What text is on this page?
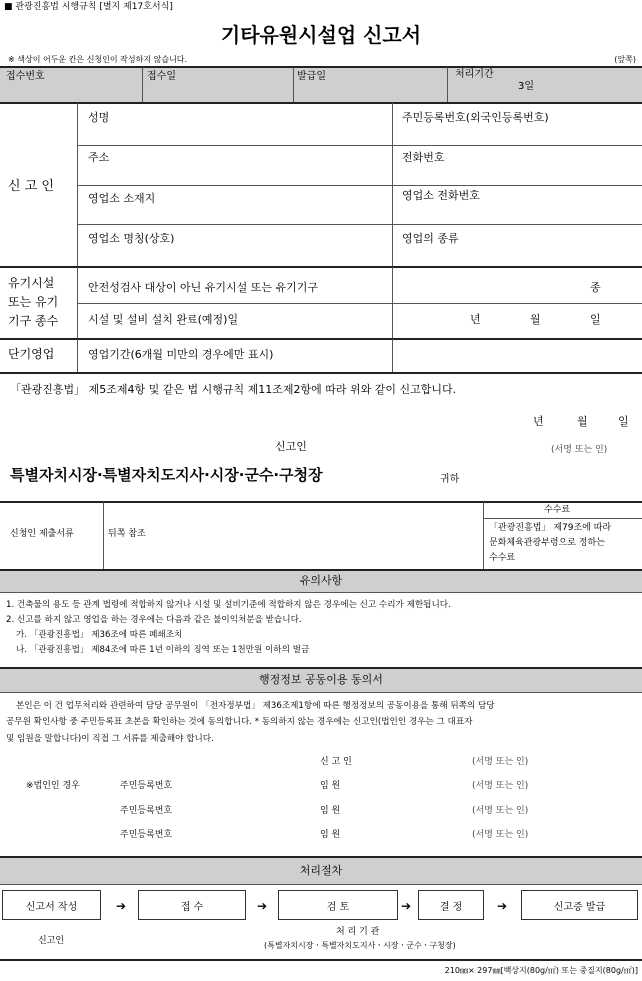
■ 관광진흥법 시행규칙 [별지 제17호서식]
기타유원시설업 신고서
※ 색상이 어두운 칸은 신청인이 작성하지 않습니다.	(앞쪽)
접수번호	접수일	발급일	처리기간
3일
신 고 인
성명	주민등록번호(외국인등록번호)
주소	전화번호
영업소 소재지	영업소 전화번호
영업소 명칭(상호)	영업의 종류
유기시설
또는 유기
기구 종수
안전성검사 대상이 아닌 유기시설 또는 유기기구	종
시설 및 설비 설치 완료(예정)일	년	월	일
단기영업	영업기간(6개월 미만의 경우에만 표시)
「관광진흥법」 제5조제4항 및 같은 법 시행규칙 제11조제2항에 따라 위와 같이 신고합니다.
년	월	일
신고인	(서명 또는 인)
특별자치시장·특별자치도지사·시장·군수·구청장	귀하
신청인 제출서류	뒤쪽 참조
수수료
「관광진흥법」 제79조에 따라
문화체육관광부령으로 정하는
수수료
유의사항
1. 건축물의 용도 등 관계 법령에 적합하지 않거나 시설 및 설비기준에 적합하지 않은 경우에는 신고 수리가 제한됩니다.
2. 신고를 하지 않고 영업을 하는 경우에는 다음과 같은 불이익처분을 받습니다.
가. 「관광진흥법」 제36조에 따른 폐쇄조치
나. 「관광진흥법」 제84조에 따른 1년 이하의 징역 또는 1천만원 이하의 벌금
행정정보 공동이용 동의서
본인은 이 건 업무처리와 관련하여 담당 공무원이 「전자정부법」 제36조제1항에 따른 행정정보의 공동이용을 통해 뒤쪽의 담당
공무원 확인사항 중 주민등록표 초본을 확인하는 것에 동의합니다. * 동의하지 않는 경우에는 신고인(법인인 경우는 그 대표자
및 임원을 말합니다)이 직접 그 서류를 제출해야 합니다.
신 고 인	(서명 또는 인)
※법인인 경우	주민등록번호	임 원	(서명 또는 인)
주민등록번호	임 원	(서명 또는 인)
주민등록번호	임 원	(서명 또는 인)
처리절차
신고서 작성	➔	접 수	➔	검 토	➔	결 정	➔	신고증 발급
신고인
처 리 기 관
(특별자치시장ㆍ특별자치도지사ㆍ시장ㆍ군수ㆍ구청장)
210㎜× 297㎜[백상지(80g/㎡) 또는 중질지(80g/㎡)]
